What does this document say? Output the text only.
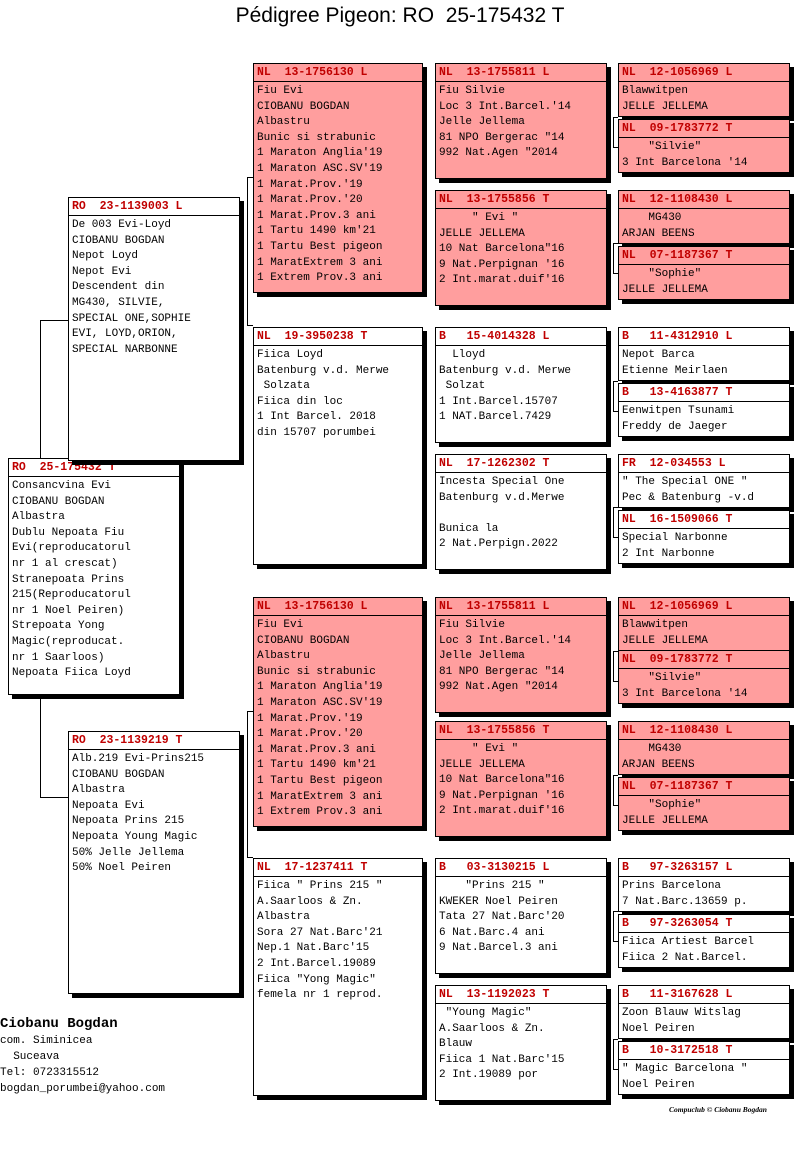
Pédigree Pigeon: RO  25-175432 T
RO  25-175432 T
Consancvina Evi
CIOBANU BOGDAN
Albastra
Dublu Nepoata Fiu
Evi(reproducatorul
nr 1 al crescat)
Stranepoata Prins
215(Reproducatorul
nr 1 Noel Peiren)
Strepoata Yong
Magic(reproducat.
nr 1 Saarloos)
Nepoata Fiica Loyd
RO  23-1139003 L
De 003 Evi-Loyd
CIOBANU BOGDAN
Nepot Loyd
Nepot Evi
Descendent din
MG430, SILVIE,
SPECIAL ONE,SOPHIE
EVI, LOYD,ORION,
SPECIAL NARBONNE
RO  23-1139219 T
Alb.219 Evi-Prins215
CIOBANU BOGDAN
Albastra
Nepoata Evi
Nepoata Prins 215
Nepoata Young Magic
50% Jelle Jellema
50% Noel Peiren
NL  13-1756130 L
Fiu Evi
CIOBANU BOGDAN
Albastru
Bunic si strabunic
1 Maraton Anglia'19
1 Maraton ASC.SV'19
1 Marat.Prov.'19
1 Marat.Prov.'20
1 Marat.Prov.3 ani
1 Tartu 1490 km'21
1 Tartu Best pigeon
1 MaratExtrem 3 ani
1 Extrem Prov.3 ani
NL  19-3950238 T
Fiica Loyd
Batenburg v.d. Merwe
Solzata
Fiica din loc
1 Int Barcel. 2018
din 15707 porumbei
NL  13-1756130 L
Fiu Evi
CIOBANU BOGDAN
Albastru
Bunic si strabunic
1 Maraton Anglia'19
1 Maraton ASC.SV'19
1 Marat.Prov.'19
1 Marat.Prov.'20
1 Marat.Prov.3 ani
1 Tartu 1490 km'21
1 Tartu Best pigeon
1 MaratExtrem 3 ani
1 Extrem Prov.3 ani
NL  17-1237411 T
Fiica " Prins 215 "
A.Saarloos & Zn.
Albastra
Sora 27 Nat.Barc'21
Nep.1 Nat.Barc'15
2 Int.Barcel.19089
Fiica "Yong Magic"
femela nr 1 reprod.
NL  13-1755811 L
Fiu Silvie
Loc 3 Int.Barcel.'14
Jelle Jellema
81 NPO Bergerac "14
992 Nat.Agen "2014
NL  13-1755856 T
" Evi "
JELLE JELLEMA
10 Nat Barcelona"16
9 Nat.Perpignan '16
2 Int.marat.duif'16
B   15-4014328 L
Lloyd
Batenburg v.d. Merwe
Solzat
1 Int.Barcel.15707
1 NAT.Barcel.7429
NL  17-1262302 T
Incesta Special One
Batenburg v.d.Merwe

Bunica la
2 Nat.Perpign.2022
NL  13-1755811 L
Fiu Silvie
Loc 3 Int.Barcel.'14
Jelle Jellema
81 NPO Bergerac "14
992 Nat.Agen "2014
NL  13-1755856 T
" Evi "
JELLE JELLEMA
10 Nat Barcelona"16
9 Nat.Perpignan '16
2 Int.marat.duif'16
B   03-3130215 L
"Prins 215 "
KWEKER Noel Peiren
Tata 27 Nat.Barc'20
6 Nat.Barc.4 ani
9 Nat.Barcel.3 ani
NL  13-1192023 T
"Young Magic"
A.Saarloos & Zn.
Blauw
Fiica 1 Nat.Barc'15
2 Int.19089 por
NL  12-1056969 L
Blawwitpen
JELLE JELLEMA
NL  09-1783772 T
"Silvie"
3 Int Barcelona '14
NL  12-1108430 L
MG430
ARJAN BEENS
NL  07-1187367 T
"Sophie"
JELLE JELLEMA
B   11-4312910 L
Nepot Barca
Etienne Meirlaen
B   13-4163877 T
Eenwitpen Tsunami
Freddy de Jaeger
FR  12-034553 L
" The Special ONE "
Pec & Batenburg -v.d
NL  16-1509066 T
Special Narbonne
2 Int Narbonne
NL  12-1056969 L
Blawwitpen
JELLE JELLEMA
NL  09-1783772 T
"Silvie"
3 Int Barcelona '14
NL  12-1108430 L
MG430
ARJAN BEENS
NL  07-1187367 T
"Sophie"
JELLE JELLEMA
B   97-3263157 L
Prins Barcelona
7 Nat.Barc.13659 p.
B   97-3263054 T
Fiica Artiest Barcel
Fiica 2 Nat.Barcel.
B   11-3167628 L
Zoon Blauw Witslag
Noel Peiren
B   10-3172518 T
" Magic Barcelona "
Noel Peiren
Ciobanu Bogdan
com. Siminicea
Suceava
Tel: 0723315512
bogdan_porumbei@yahoo.com
Compuclub © Ciobanu Bogdan
